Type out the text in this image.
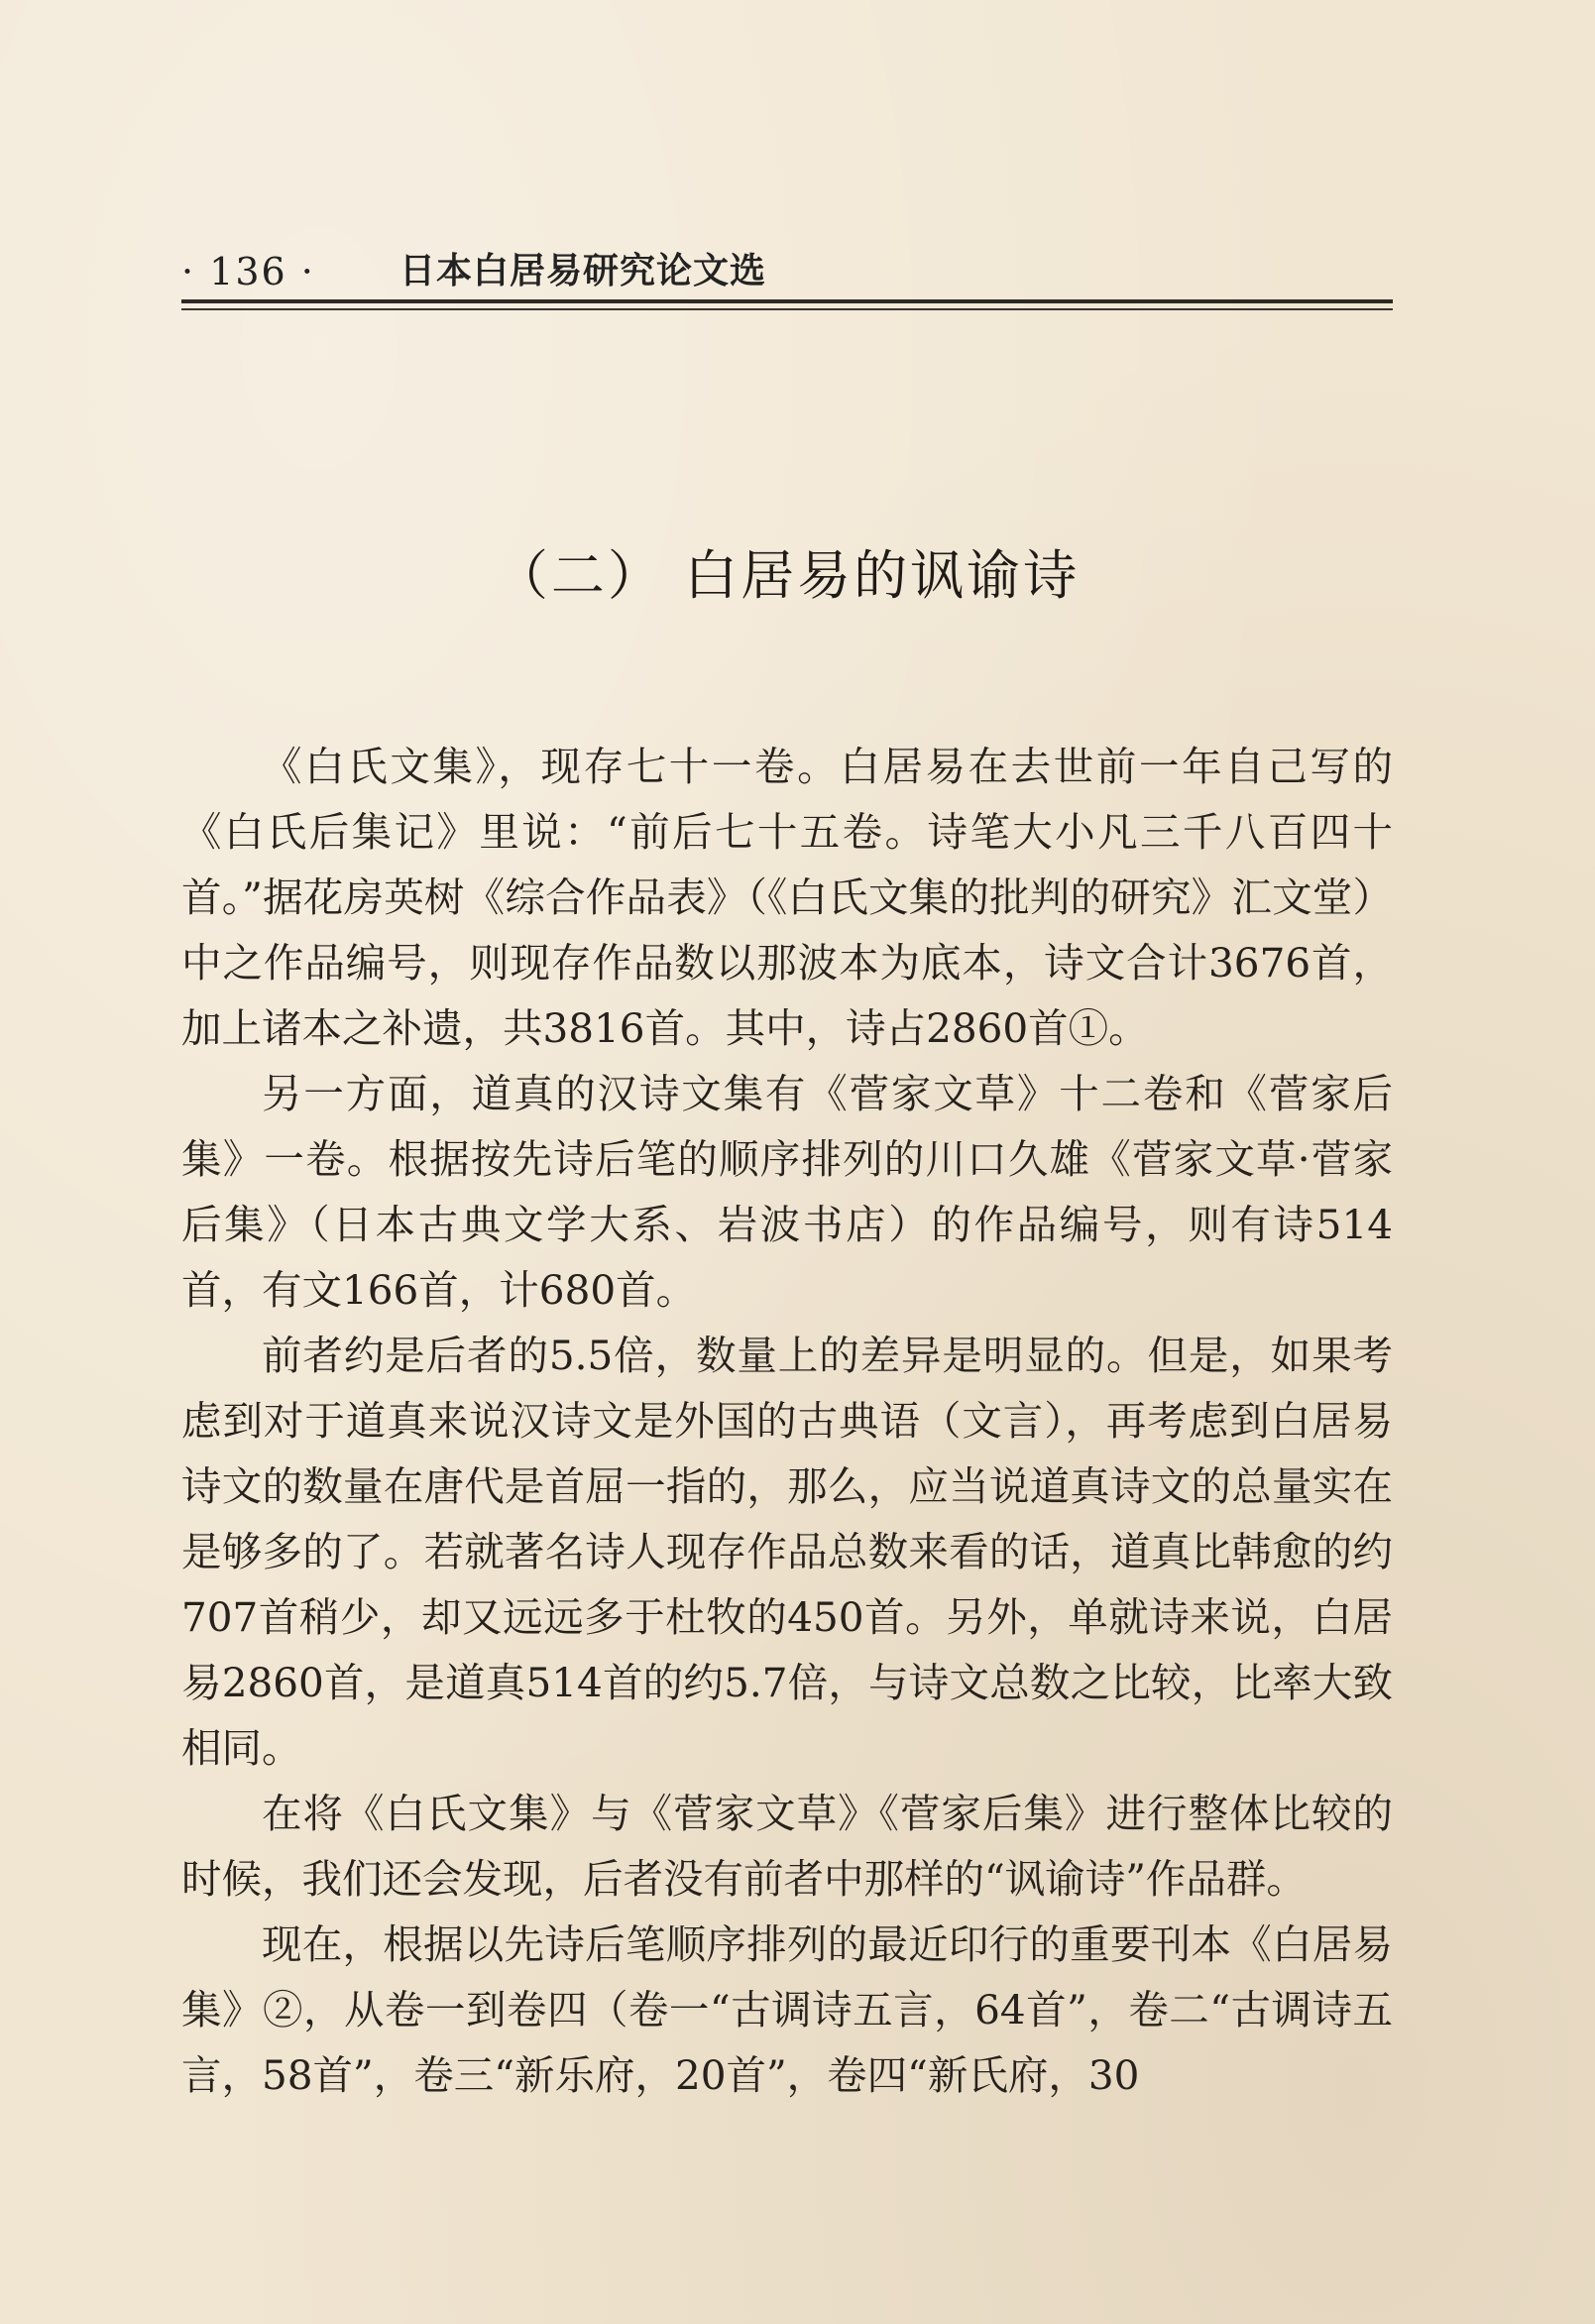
· 136 ·	日本白居易研究论文选
（二） 白居易的讽谕诗

《白氏文集》，现存七十一卷。白居易在去世前一年自己写的《白氏后集记》里说：“前后七十五卷。诗笔大小凡三千八百四十首。”据花房英树《综合作品表》（《白氏文集的批判的研究》汇文堂）中之作品编号，则现存作品数以那波本为底本，诗文合计3676首，加上诸本之补遗，共3816首。其中，诗占2860首①。

另一方面，道真的汉诗文集有《菅家文草》十二卷和《菅家后集》一卷。根据按先诗后笔的顺序排列的川口久雄《菅家文草·菅家后集》（日本古典文学大系、岩波书店）的作品编号，则有诗514首，有文166首，计680首。

前者约是后者的5.5倍，数量上的差异是明显的。但是，如果考虑到对于道真来说汉诗文是外国的古典语（文言），再考虑到白居易诗文的数量在唐代是首屈一指的，那么，应当说道真诗文的总量实在是够多的了。若就著名诗人现存作品总数来看的话，道真比韩愈的约707首稍少，却又远远多于杜牧的450首。另外，单就诗来说，白居易2860首，是道真514首的约5.7倍，与诗文总数之比较，比率大致相同。

在将《白氏文集》与《菅家文草》《菅家后集》进行整体比较的时候，我们还会发现，后者没有前者中那样的“讽谕诗”作品群。

现在，根据以先诗后笔顺序排列的最近印行的重要刊本《白居易集》②，从卷一到卷四（卷一“古调诗五言，64首”，卷二“古调诗五言，58首”，卷三“新乐府，20首”，卷四“新氏府，30
